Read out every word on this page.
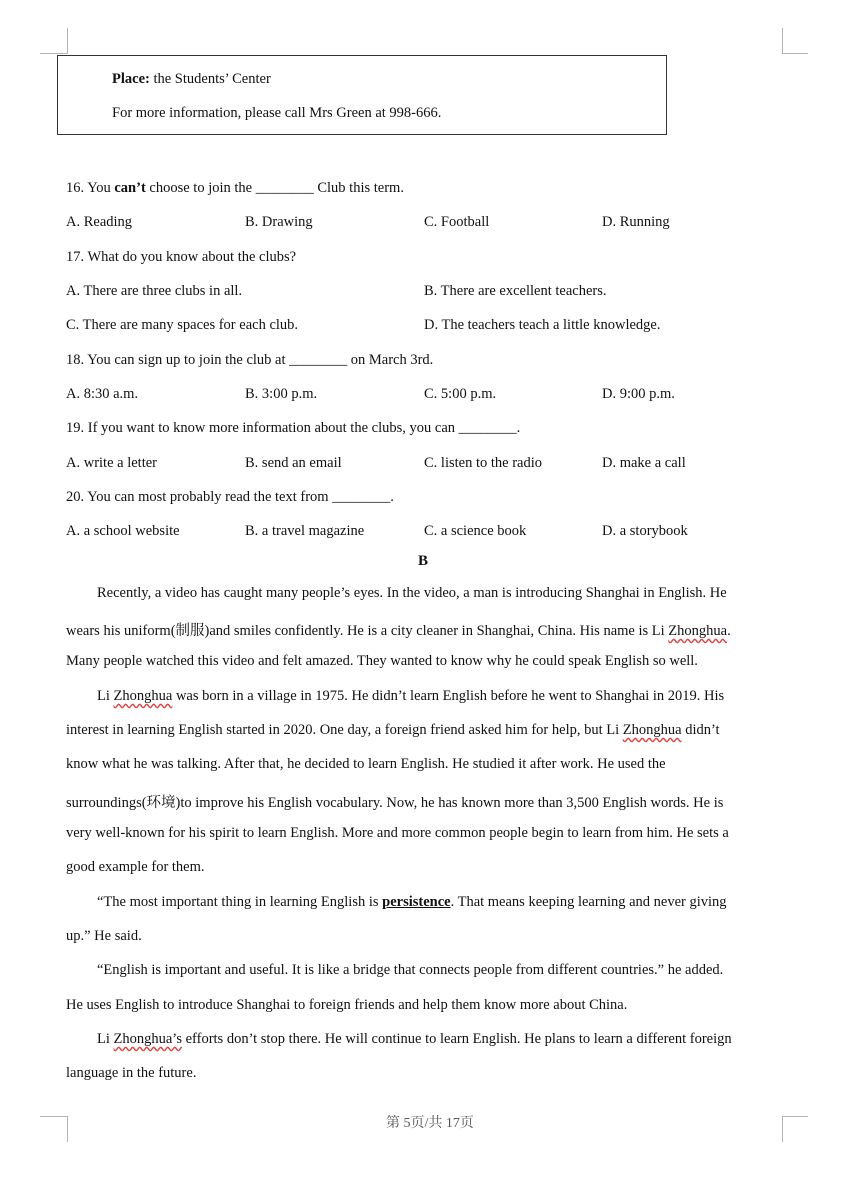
Place: the Students’ Center
For more information, please call Mrs Green at 998-666.
16. You can’t choose to join the ________ Club this term.
A. Reading	B. Drawing	C. Football	D. Running
17. What do you know about the clubs?
A. There are three clubs in all.	B. There are excellent teachers.
C. There are many spaces for each club.	D. The teachers teach a little knowledge.
18. You can sign up to join the club at ________ on March 3rd.
A. 8:30 a.m.	B. 3:00 p.m.	C. 5:00 p.m.	D. 9:00 p.m.
19. If you want to know more information about the clubs, you can ________.
A. write a letter	B. send an email	C. listen to the radio	D. make a call
20. You can most probably read the text from ________.
A. a school website	B. a travel magazine	C. a science book	D. a storybook
B
Recently, a video has caught many people’s eyes. In the video, a man is introducing Shanghai in English. He
wears his uniform(制服)and smiles confidently. He is a city cleaner in Shanghai, China. His name is Li Zhonghua.
Many people watched this video and felt amazed. They wanted to know why he could speak English so well.
Li Zhonghua was born in a village in 1975. He didn’t learn English before he went to Shanghai in 2019. His
interest in learning English started in 2020. One day, a foreign friend asked him for help, but Li Zhonghua didn’t
know what he was talking. After that, he decided to learn English. He studied it after work. He used the
surroundings(环境)to improve his English vocabulary. Now, he has known more than 3,500 English words. He is
very well-known for his spirit to learn English. More and more common people begin to learn from him. He sets a
good example for them.
“The most important thing in learning English is persistence. That means keeping learning and never giving
up.” He said.
“English is important and useful. It is like a bridge that connects people from different countries.” he added.
He uses English to introduce Shanghai to foreign friends and help them know more about China.
Li Zhonghua’s efforts don’t stop there. He will continue to learn English. He plans to learn a different foreign
language in the future.
第 5页/共 17页
